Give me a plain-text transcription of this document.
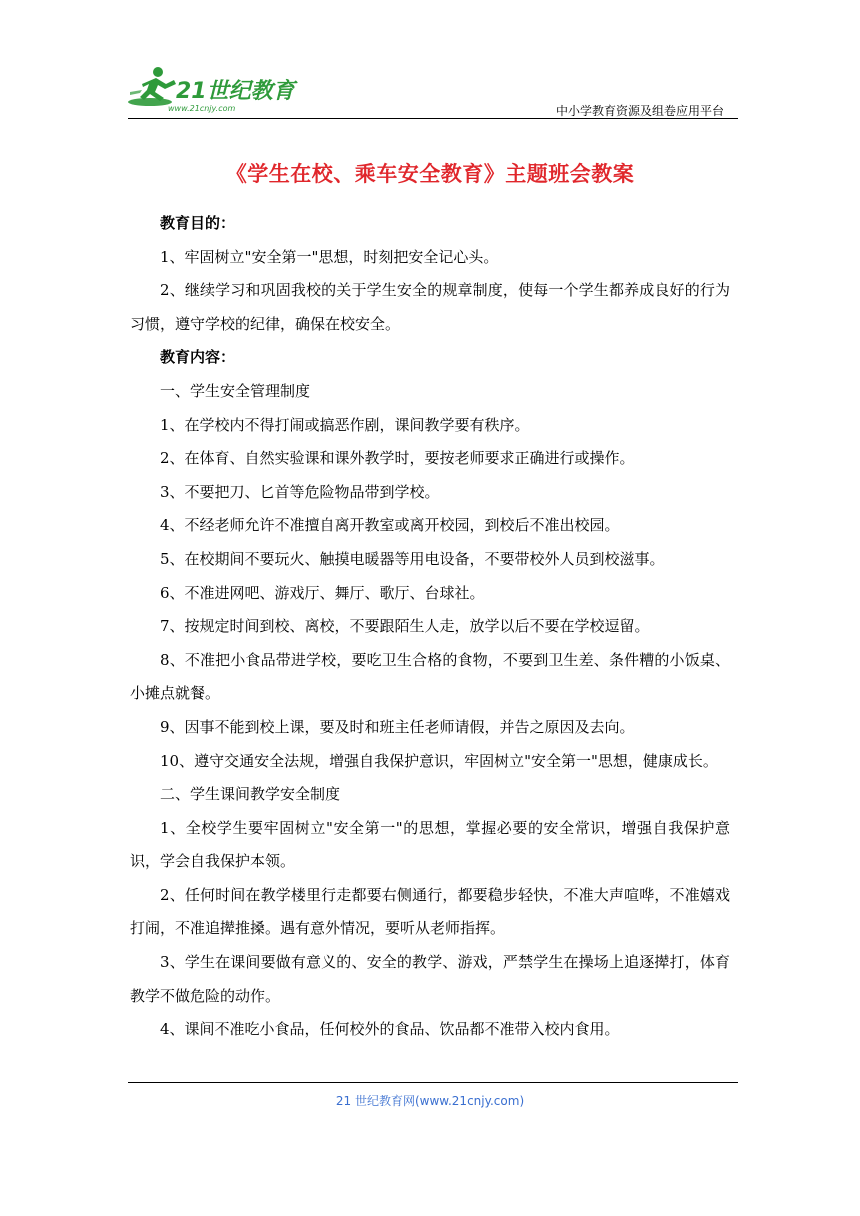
21世纪教育
www.21cnjy.com	中小学教育资源及组卷应用平台
《学生在校、乘车安全教育》主题班会教案

教育目的：

1、牢固树立"安全第一"思想，时刻把安全记心头。

2、继续学习和巩固我校的关于学生安全的规章制度，使每一个学生都养成良好的行为习惯，遵守学校的纪律，确保在校安全。

教育内容：

一、学生安全管理制度

1、在学校内不得打闹或搞恶作剧，课间教学要有秩序。

2、在体育、自然实验课和课外教学时，要按老师要求正确进行或操作。

3、不要把刀、匕首等危险物品带到学校。

4、不经老师允许不准擅自离开教室或离开校园，到校后不准出校园。

5、在校期间不要玩火、触摸电暖器等用电设备，不要带校外人员到校滋事。

6、不准进网吧、游戏厅、舞厅、歌厅、台球社。

7、按规定时间到校、离校，不要跟陌生人走，放学以后不要在学校逗留。

8、不准把小食品带进学校，要吃卫生合格的食物，不要到卫生差、条件糟的小饭桌、小摊点就餐。

9、因事不能到校上课，要及时和班主任老师请假，并告之原因及去向。

10、遵守交通安全法规，增强自我保护意识，牢固树立"安全第一"思想，健康成长。

二、学生课间教学安全制度

1、全校学生要牢固树立"安全第一"的思想，掌握必要的安全常识，增强自我保护意识，学会自我保护本领。

2、任何时间在教学楼里行走都要右侧通行，都要稳步轻快，不准大声喧哗，不准嬉戏打闹，不准追撵推搡。遇有意外情况，要听从老师指挥。

3、学生在课间要做有意义的、安全的教学、游戏，严禁学生在操场上追逐撵打，体育教学不做危险的动作。

4、课间不准吃小食品，任何校外的食品、饮品都不准带入校内食用。

21 世纪教育网(www.21cnjy.com)
